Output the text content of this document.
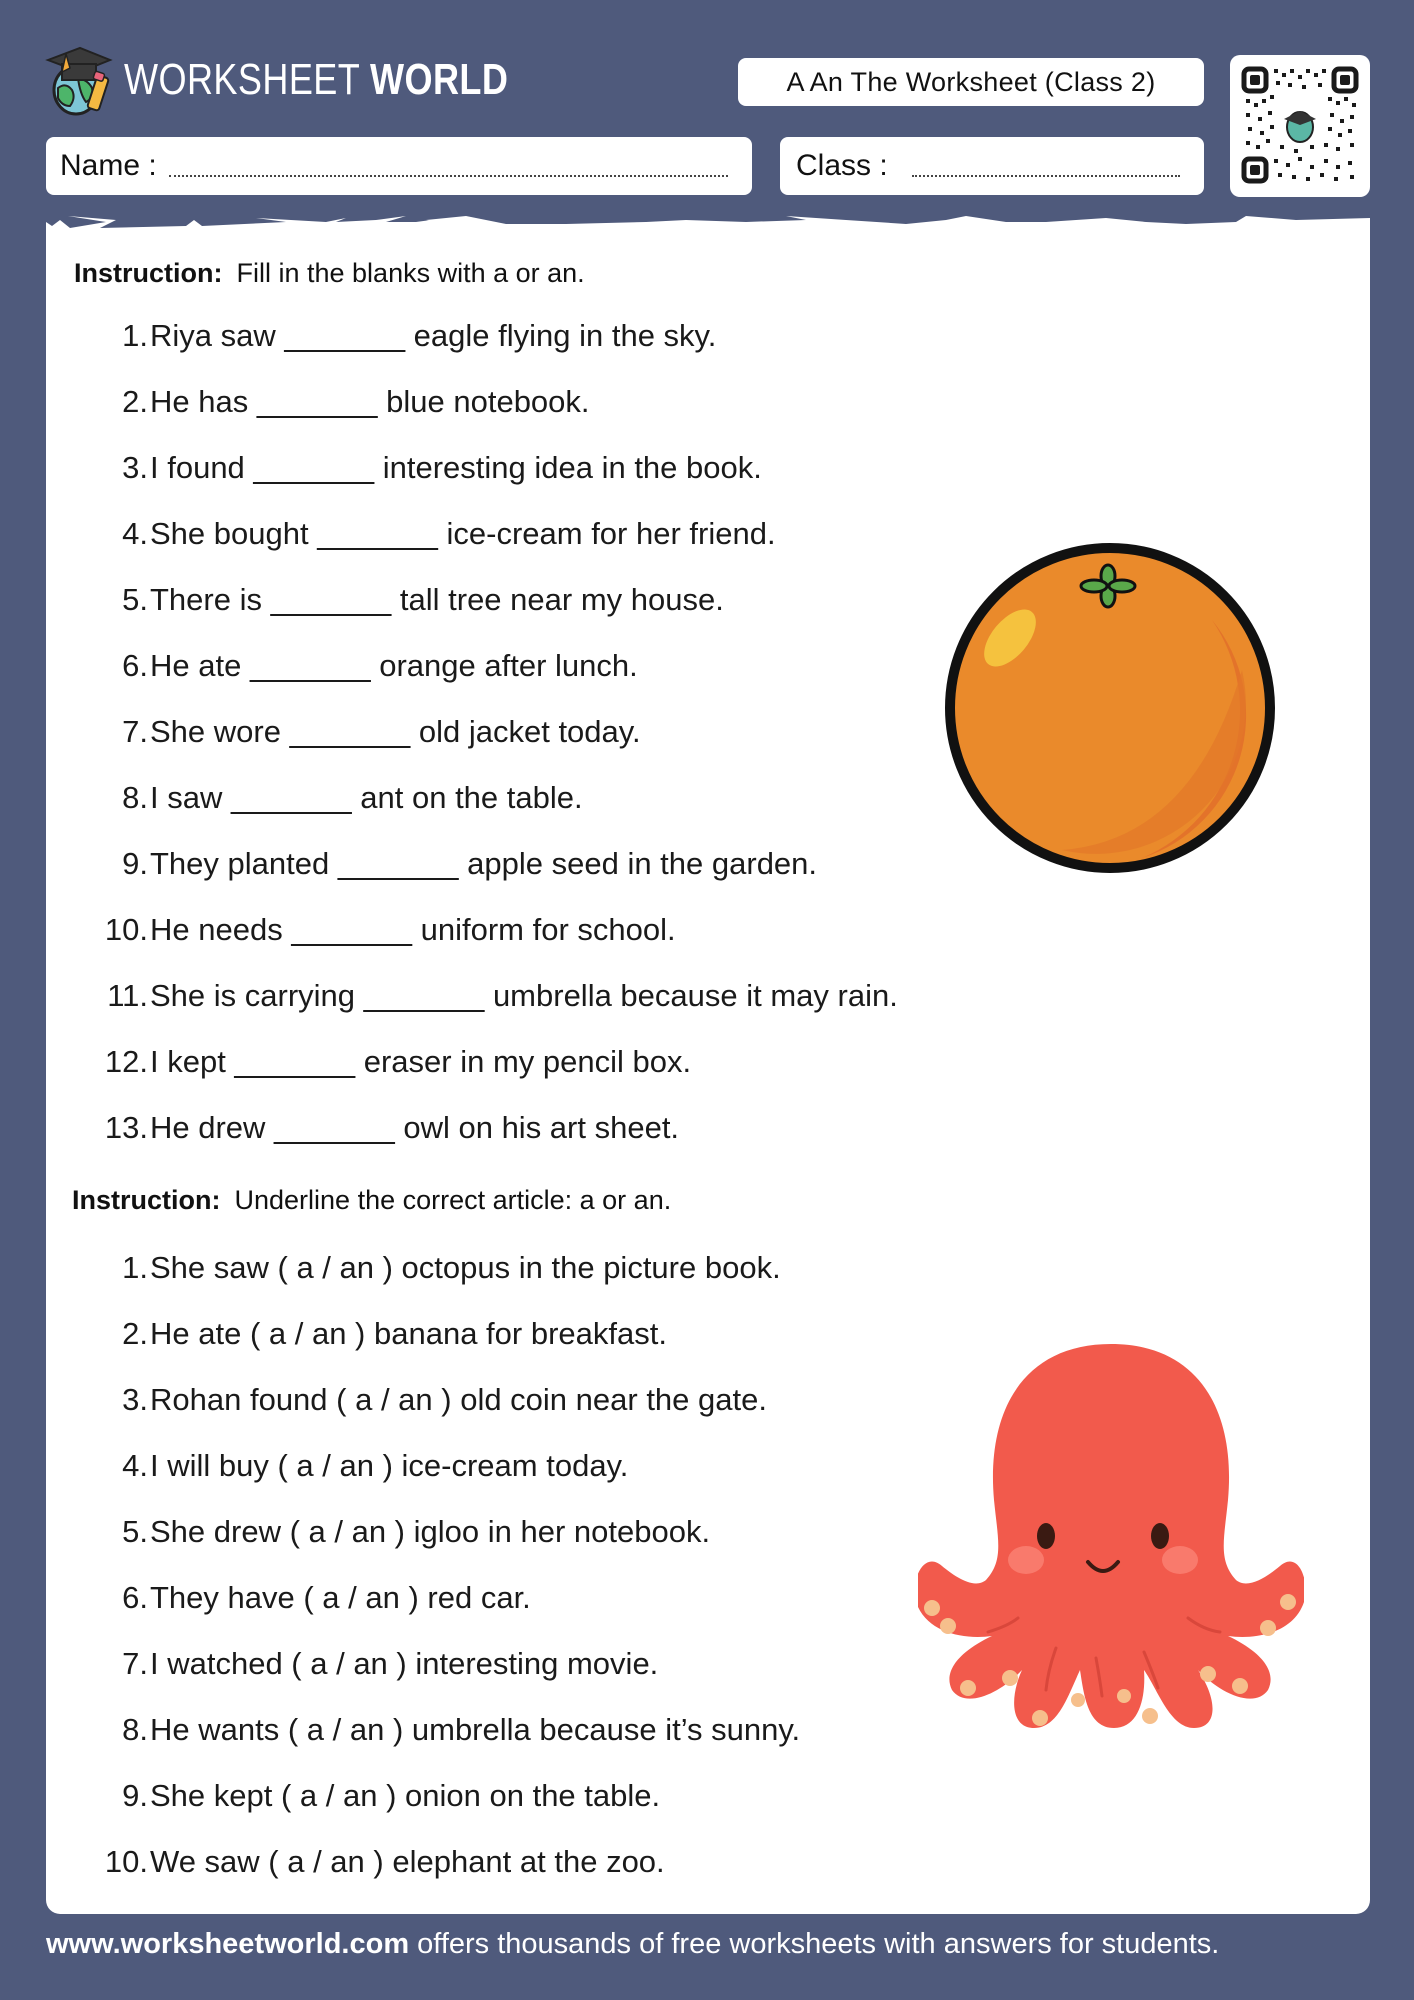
WORKSHEET WORLD	A An The Worksheet (Class 2)
Name :	Class :
Instruction: Fill in the blanks with a or an.
1. Riya saw _______ eagle flying in the sky.
2. He has _______ blue notebook.
3. I found _______ interesting idea in the book.
4. She bought _______ ice-cream for her friend.
5. There is _______ tall tree near my house.
6. He ate _______ orange after lunch.
7. She wore _______ old jacket today.
8. I saw _______ ant on the table.
9. They planted _______ apple seed in the garden.
10. He needs _______ uniform for school.
11. She is carrying _______ umbrella because it may rain.
12. I kept _______ eraser in my pencil box.
13. He drew _______ owl on his art sheet.
Instruction: Underline the correct article: a or an.
1. She saw ( a / an ) octopus in the picture book.
2. He ate ( a / an ) banana for breakfast.
3. Rohan found ( a / an ) old coin near the gate.
4. I will buy ( a / an ) ice-cream today.
5. She drew ( a / an ) igloo in her notebook.
6. They have ( a / an ) red car.
7. I watched ( a / an ) interesting movie.
8. He wants ( a / an ) umbrella because it’s sunny.
9. She kept ( a / an ) onion on the table.
10. We saw ( a / an ) elephant at the zoo.
www.worksheetworld.com offers thousands of free worksheets with answers for students.
